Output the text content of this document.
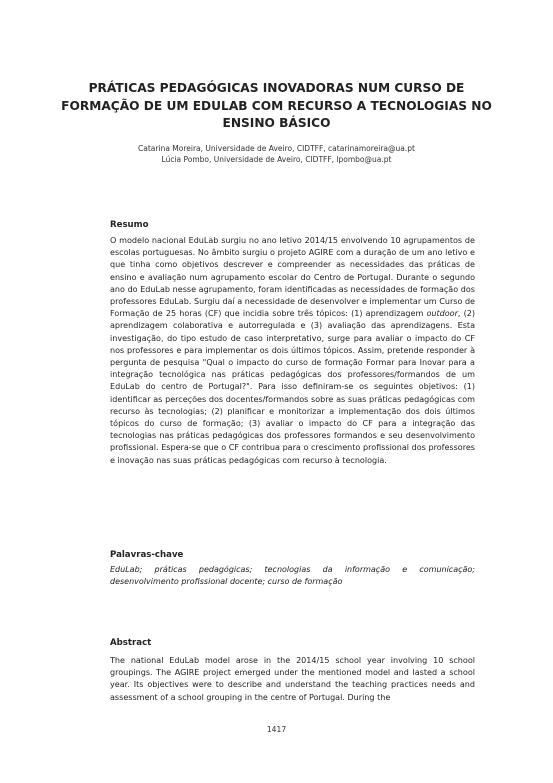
PRÁTICAS PEDAGÓGICAS INOVADORAS NUM CURSO DE FORMAÇÃO DE UM EDULAB COM RECURSO A TECNOLOGIAS NO ENSINO BÁSICO
Catarina Moreira, Universidade de Aveiro, CIDTFF, catarinamoreira@ua.pt
Lúcia Pombo, Universidade de Aveiro, CIDTFF, lpombo@ua.pt
Resumo
O modelo nacional EduLab surgiu no ano letivo 2014/15 envolvendo 10 agrupamentos de escolas portuguesas. No âmbito surgiu o projeto AGIRE com a duração de um ano letivo e que tinha como objetivos descrever e compreender as necessidades das práticas de ensino e avaliação num agrupamento escolar do Centro de Portugal. Durante o segundo ano do EduLab nesse agrupamento, foram identificadas as necessidades de formação dos professores EduLab. Surgiu daí a necessidade de desenvolver e implementar um Curso de Formação de 25 horas (CF) que incidia sobre três tópicos: (1) aprendizagem outdoor, (2) aprendizagem colaborativa e autorregulada e (3) avaliação das aprendizagens. Esta investigação, do tipo estudo de caso interpretativo, surge para avaliar o impacto do CF nos professores e para implementar os dois últimos tópicos. Assim, pretende responder à pergunta de pesquisa "Qual o impacto do curso de formação Formar para Inovar para a integração tecnológica nas práticas pedagógicas dos professores/formandos de um EduLab do centro de Portugal?". Para isso definiram-se os seguintes objetivos: (1) identificar as perceções dos docentes/formandos sobre as suas práticas pedagógicas com recurso às tecnologias; (2) planificar e monitorizar a implementação dos dois últimos tópicos do curso de formação; (3) avaliar o impacto do CF para a integração das tecnologias nas práticas pedagógicas dos professores formandos e seu desenvolvimento profissional. Espera-se que o CF contribua para o crescimento profissional dos professores e inovação nas suas práticas pedagógicas com recurso à tecnologia.
Palavras-chave
EduLab; práticas pedagógicas; tecnologias da informação e comunicação; desenvolvimento profissional docente; curso de formação
Abstract
The national EduLab model arose in the 2014/15 school year involving 10 school groupings. The AGIRE project emerged under the mentioned model and lasted a school year. Its objectives were to describe and understand the teaching practices needs and assessment of a school grouping in the centre of Portugal. During the
1417
